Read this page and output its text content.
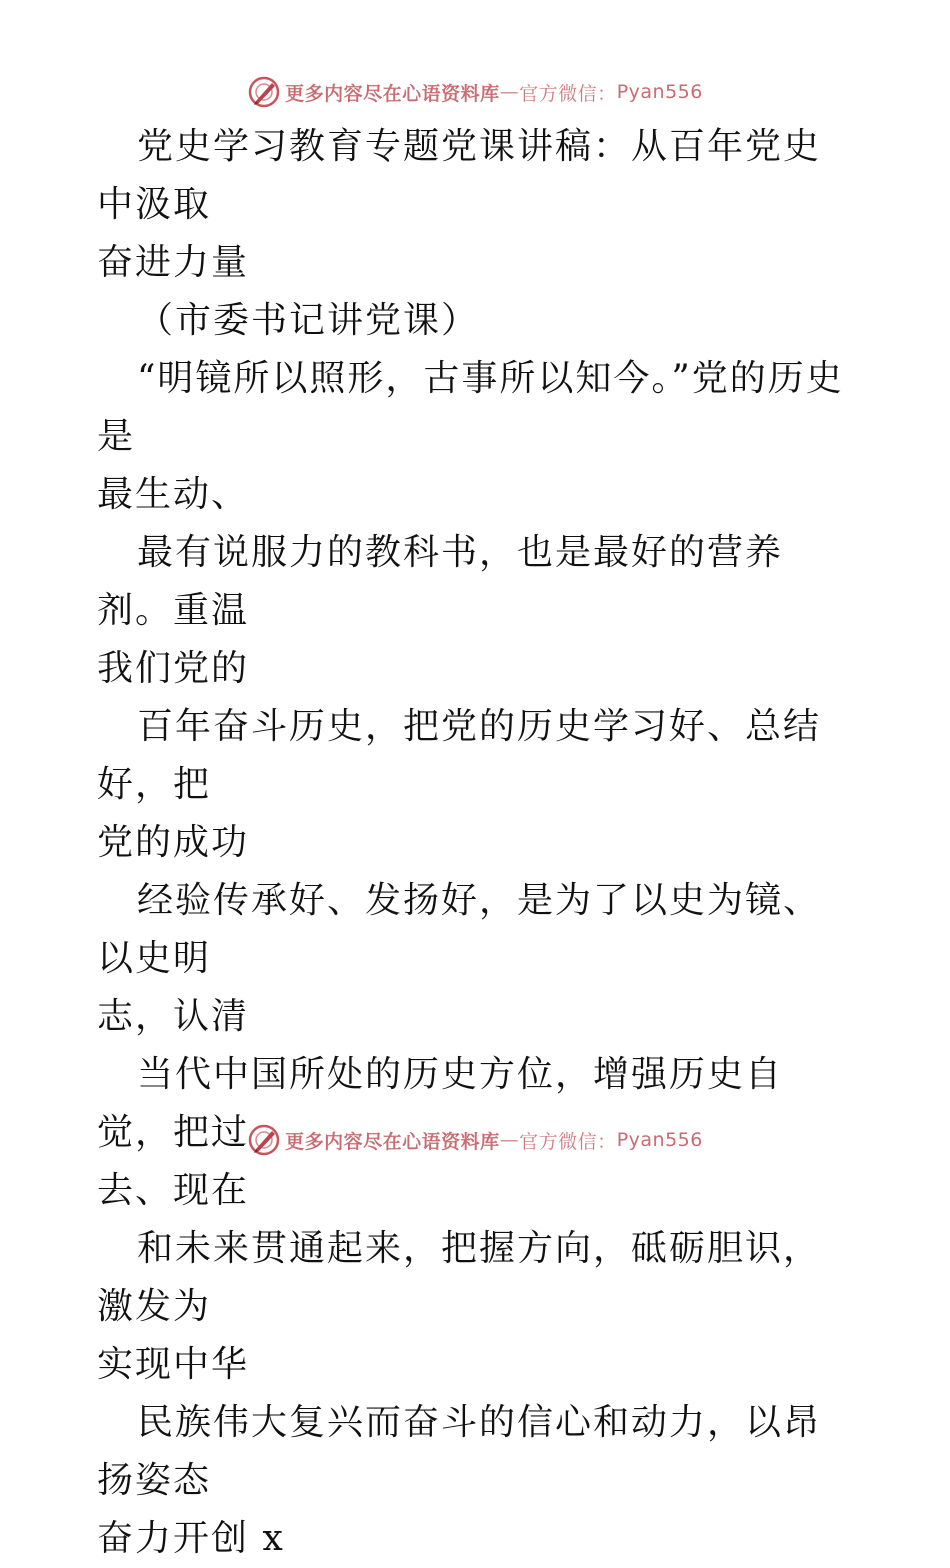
更多内容尽在心语资料库 — 官方微信： Pyan556

党史学习教育专题党课讲稿：从百年党史中汲取

奋进力量

（市委书记讲党课）

“明镜所以照形，古事所以知今。”党的历史是

最生动、

最有说服力的教科书，也是最好的营养剂。重温

我们党的

百年奋斗历史，把党的历史学习好、总结好，把

党的成功

经验传承好、发扬好，是为了以史为镜、以史明

志，认清

当代中国所处的历史方位，增强历史自觉，把过

去、现在

和未来贯通起来，把握方向，砥砺胆识，激发为

实现中华

民族伟大复兴而奋斗的信心和动力，以昂扬姿态

奋力开创 x

更多内容尽在心语资料库 — 官方微信： Pyan556
